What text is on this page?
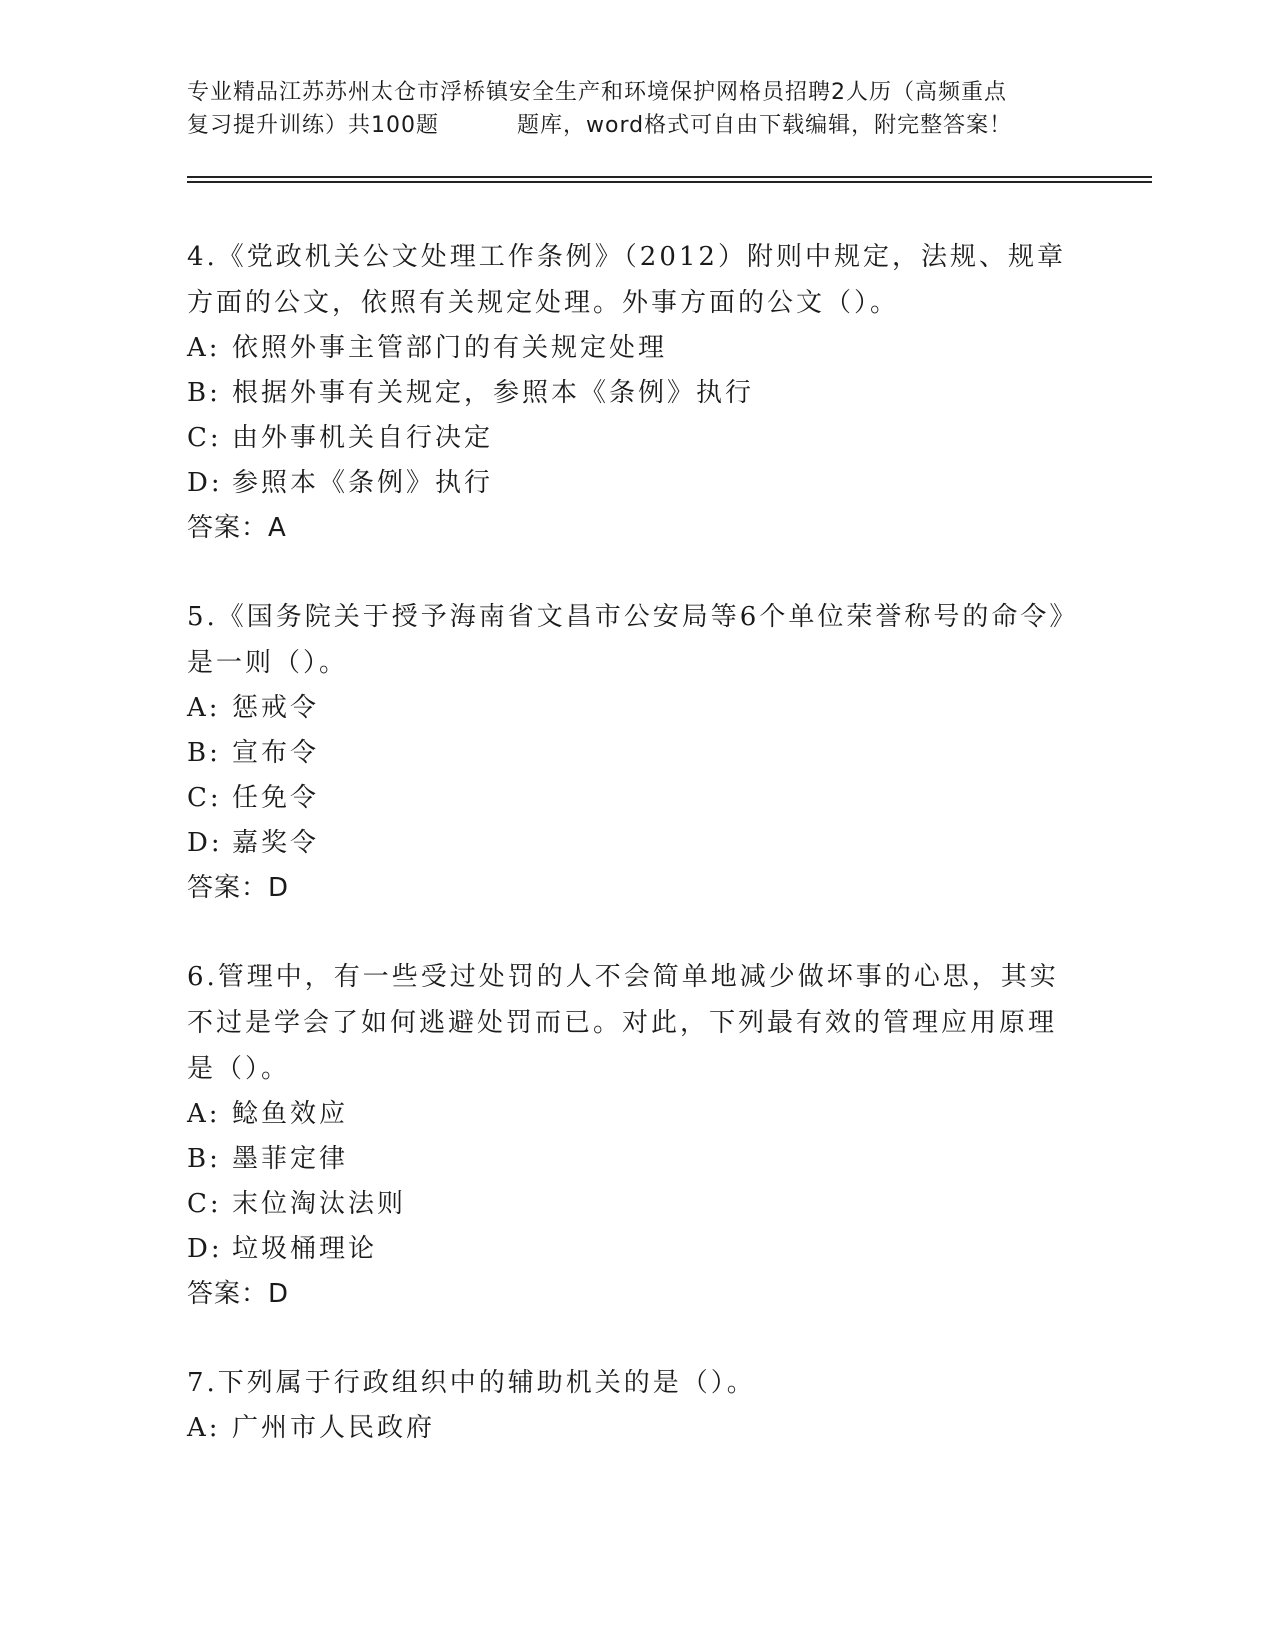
专业精品江苏苏州太仓市浮桥镇安全生产和环境保护网格员招聘2人历（高频重点
复习提升训练）共100题	题库，word格式可自由下载编辑，附完整答案！

4.《党政机关公文处理工作条例》（2012）附则中规定，法规、规章方面的公文，依照有关规定处理。外事方面的公文（）。

A: 依照外事主管部门的有关规定处理
B: 根据外事有关规定，参照本《条例》执行
C: 由外事机关自行决定
D: 参照本《条例》执行
答案：A

5.《国务院关于授予海南省文昌市公安局等6个单位荣誉称号的命令》是一则（）。

A: 惩戒令
B: 宣布令
C: 任免令
D: 嘉奖令
答案：D

6.管理中，有一些受过处罚的人不会简单地减少做坏事的心思，其实不过是学会了如何逃避处罚而已。对此，下列最有效的管理应用原理是（）。

A: 鲶鱼效应
B: 墨菲定律
C: 末位淘汰法则
D: 垃圾桶理论
答案：D

7.下列属于行政组织中的辅助机关的是（）。

A: 广州市人民政府
